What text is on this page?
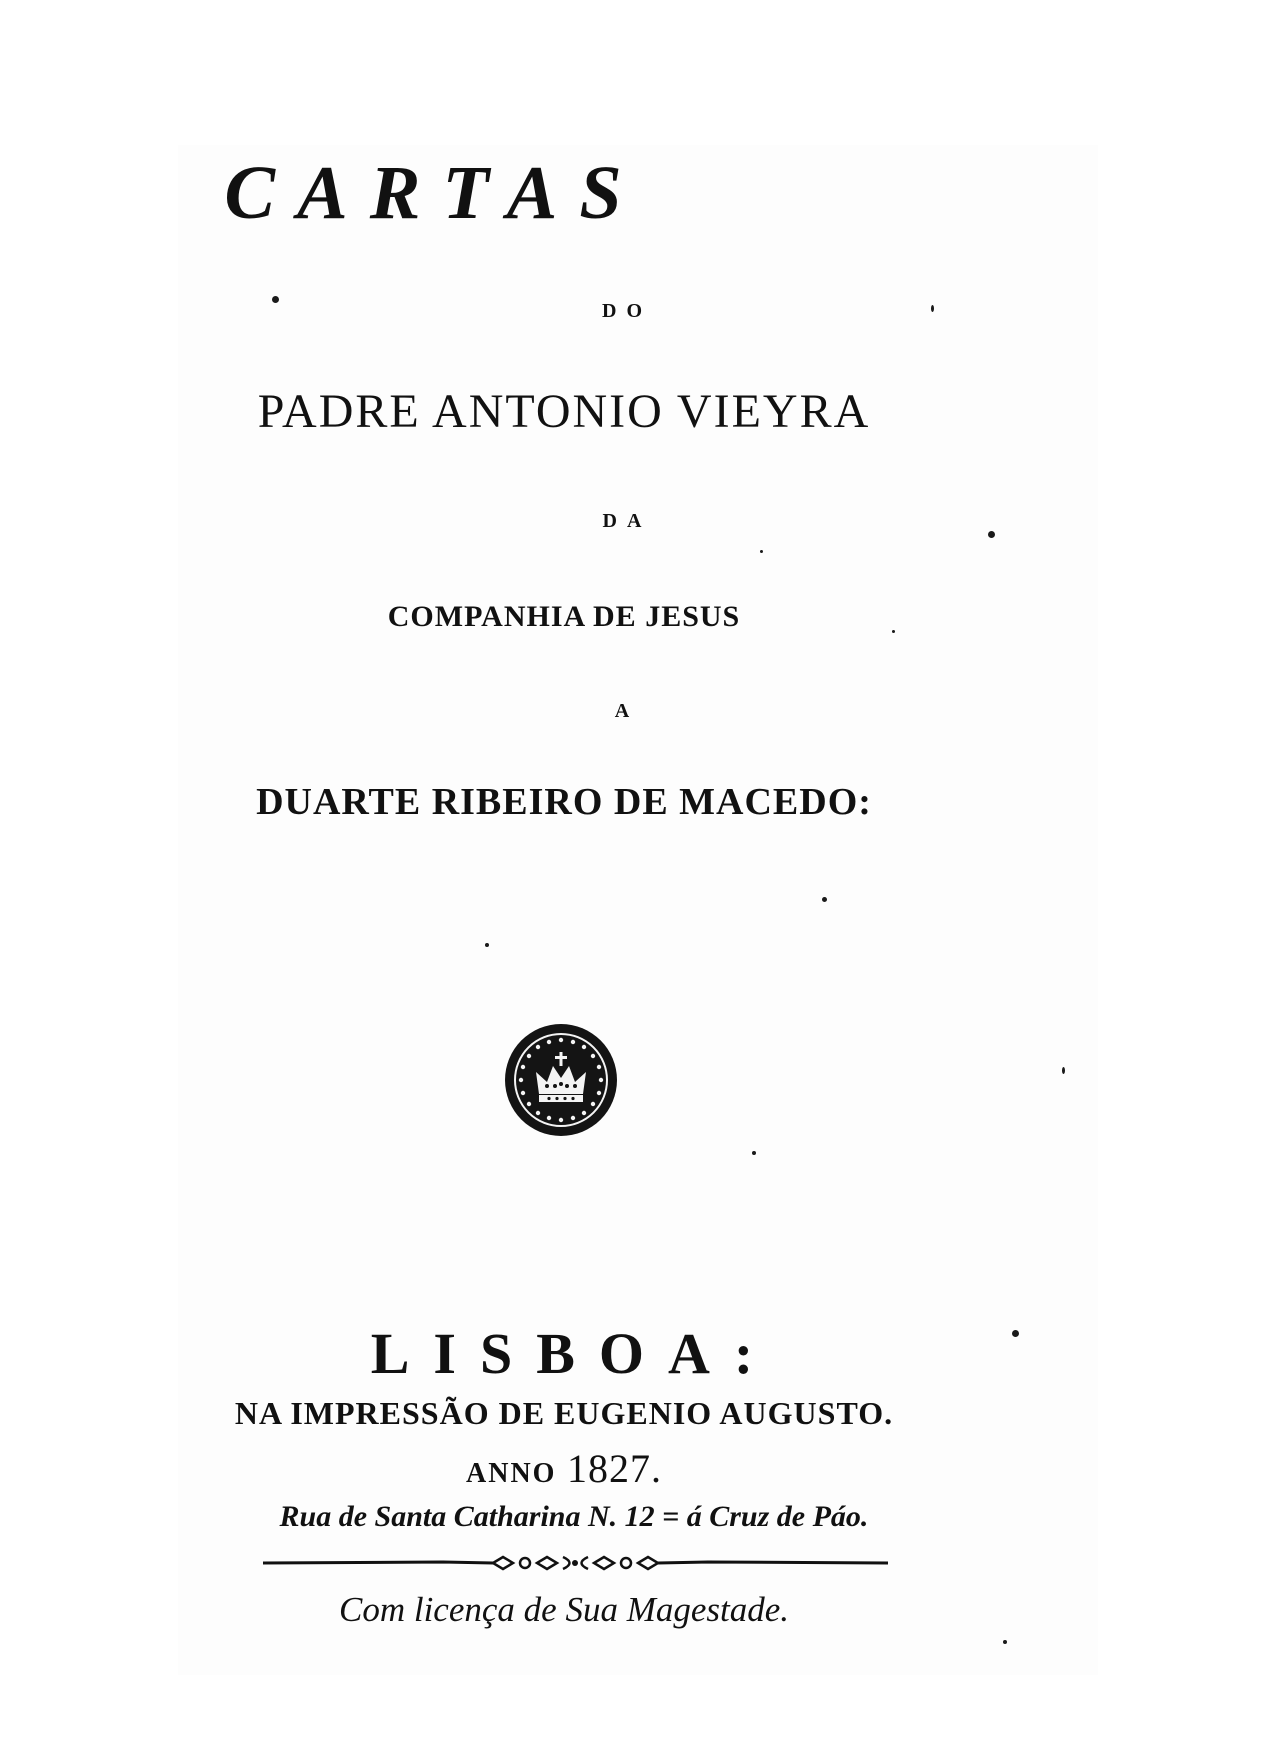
CARTAS
DO
PADRE ANTONIO VIEYRA
DA
COMPANHIA DE JESUS
A
DUARTE RIBEIRO DE MACEDO:
LISBOA:
NA IMPRESSÃO DE EUGENIO AUGUSTO.
ANNO 1827.
Rua de Santa Catharina N. 12 = á Cruz de Páo.
Com licença de Sua Magestade.
